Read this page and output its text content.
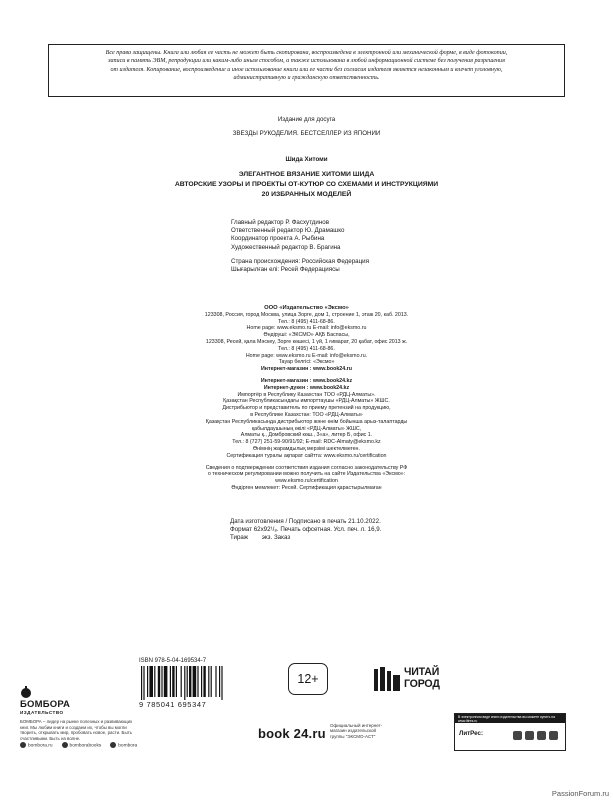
Все права защищены. Книга или любая ее часть не может быть скопирована, воспроизведена в электронной или механической форме, в виде фотокопии,
записи в память ЭВМ, репродукции или каким-либо иным способом, а также использована в любой информационной системе без получения разрешения
от издателя. Копирование, воспроизведение и иное использование книги или ее части без согласия издателя является незаконным и влечет уголовную,
административную и гражданскую ответственность.
Издание для досуга
ЗВЕЗДЫ РУКОДЕЛИЯ. БЕСТСЕЛЛЕР ИЗ ЯПОНИИ
Шида Хитоми
ЭЛЕГАНТНОЕ ВЯЗАНИЕ ХИТОМИ ШИДА
АВТОРСКИЕ УЗОРЫ И ПРОЕКТЫ ОТ-КУТЮР СО СХЕМАМИ И ИНСТРУКЦИЯМИ
20 ИЗБРАННЫХ МОДЕЛЕЙ
Главный редактор Р. Фасхутдинов
Ответственный редактор Ю. Драмашко
Координатор проекта А. Рыбина
Художественный редактор В. Брагина
Страна происхождения: Российская Федерация
Шығарылған елі: Ресей Федерациясы
ООО «Издательство «Эксмо»
123308, Россия, город Москва, улица Зорге, дом 1, строение 1, этаж 20, каб. 2013.
Тел.: 8 (495) 411-68-86.
Home page: www.eksmo.ru E-mail: info@eksmo.ru
Өндіруші: «ЭКСМО» АҚБ Баспасы,
123308, Ресей, қала Мәскеу, Зорге көшесі, 1 үй, 1 ғимарат, 20 қабат, офис 2013 ж.
Тел.: 8 (495) 411-68-86.
Home page: www.eksmo.ru E-mail: info@eksmo.ru.
Тауар белгісі: «Эксмо»
Интернет-магазин : www.book24.ru
Интернет-магазин : www.book24.kz
Интернет-дүкен : www.book24.kz
Импортёр в Республику Казахстан ТОО «РДЦ-Алматы».
Қазақстан Республикасындағы импорттаушы «РДЦ-Алматы» ЖШС.
Дистрибьютор и представитель по приему претензий на продукцию,
в Республике Казахстан: ТОО «РДЦ-Алматы»
Қазақстан Республикасында дистрибьютор және өнім бойынша арыз-талаптарды
қабылдаушының өкілі «РДЦ-Алматы» ЖШС,
Алматы қ., Домбровский көш., 3«а», литер Б, офис 1.
Тел.: 8 (727) 251-59-90/91/92; E-mail: RDC-Almaty@eksmo.kz
Өнімнің жарамдылық мерзімі шектелмеген.
Сертификация туралы ақпарат сайтта: www.eksmo.ru/certification
Сведения о подтверждении соответствия издания согласно законодательству РФ
о техническом регулировании можно получить на сайте Издательства «Эксмо»:
www.eksmo.ru/certification
Өндірген мемлекет: Ресей. Сертификация қарастырылмаған
Дата изготовления / Подписано в печать 21.10.2022.
Формат 62x92¹/₈. Печать офсетная. Усл. печ. л. 16,9.
Тираж        экз. Заказ
ISBN 978-5-04-169534-7
9 785041 695347
12+	ЧИТАЙ
ГОРОД
БОМБОРА
ИЗДАТЕЛЬСТВО
БОМБОРА – лидер на рынке полезных и развивающих книг. Мы любим книги и создаем их, чтобы вы могли творить, открывать мир, пробовать новое, расти. Быть счастливыми. Быть на волне.
bombora.ru	bomborabooks	bombora
book 24.ru
Официальный интернет-магазин издательской группы "ЭКСМО-АСТ"
В электронном виде книги издательства вы можете купить на www.litres.ru
ЛитРес:
PassionForum.ru
